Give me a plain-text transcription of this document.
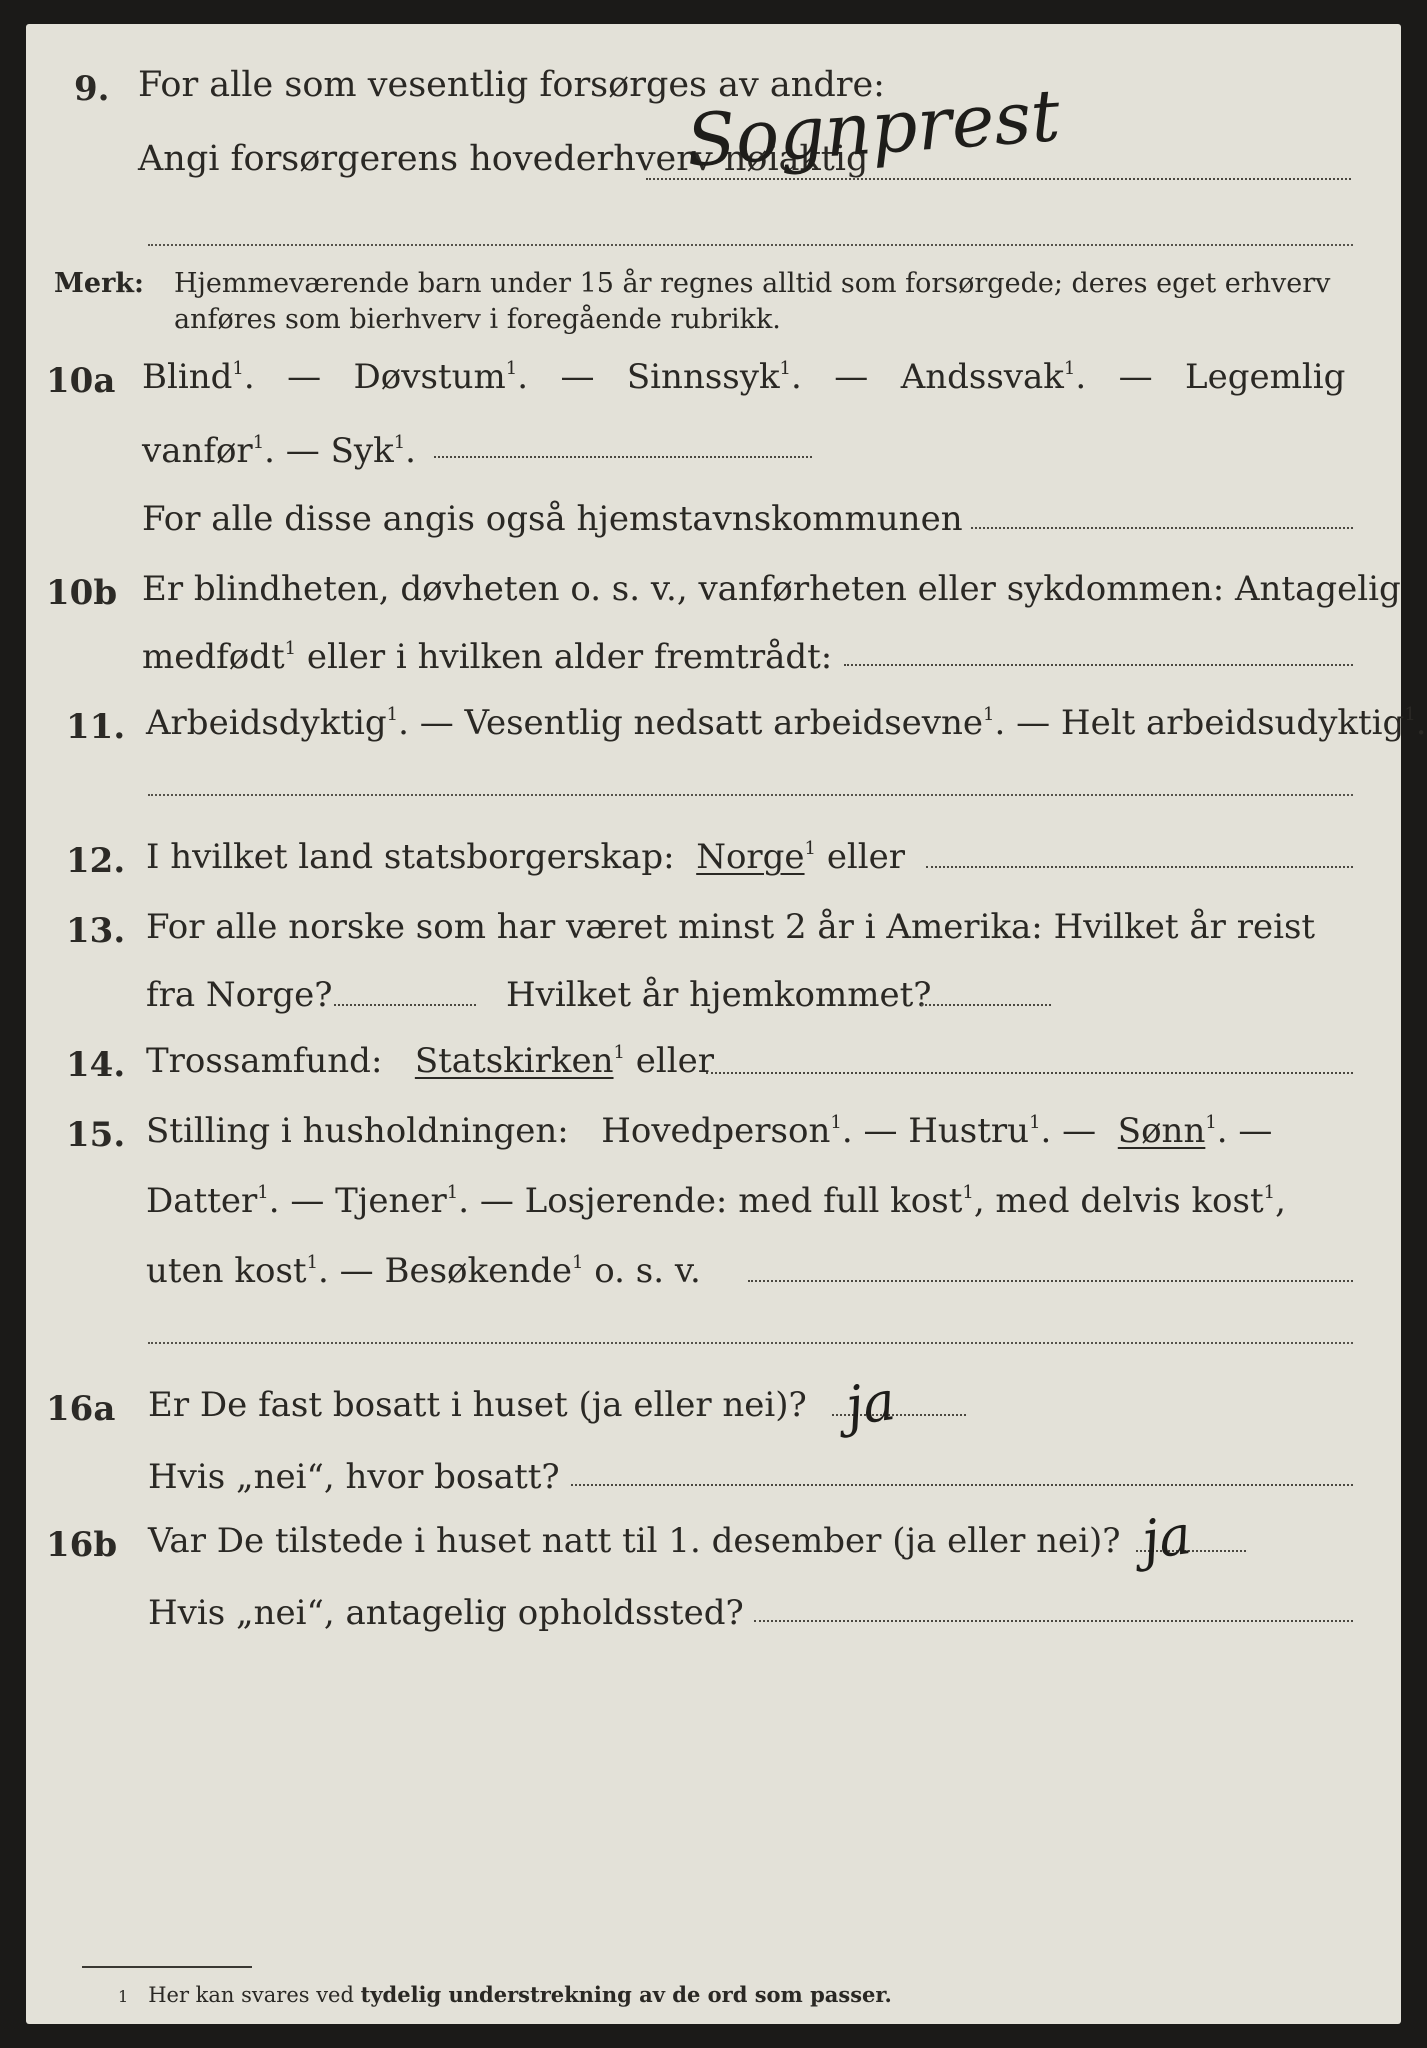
9. For alle som vesentlig forsørges av andre:
Angi forsørgerens hovederhverv nøiaktig
Sognprest
Merk: Hjemmeværende barn under 15 år regnes alltid som forsørgede; deres eget erhverv
anføres som bierhverv i foregående rubrikk.
10a Blind$^1$. — Døvstum$^1$. — Sinnssyk$^1$. — Andssvak$^1$. — Legemlig
vanfør$^1$. — Syk$^1$.
For alle disse angis også hjemstavnskommunen
10b Er blindheten, døvheten o. s. v., vanførheten eller sykdommen: Antagelig
medfødt$^1$ eller i hvilken alder fremtrådt:
11. Arbeidsdyktig$^1$. — Vesentlig nedsatt arbeidsevne$^1$. — Helt arbeidsudyktig$^1$.
12. I hvilket land statsborgerskap: Norge$^1$ eller
13. For alle norske som har været minst 2 år i Amerika: Hvilket år reist
fra Norge?	Hvilket år hjemkommet?
14. Trossamfund: Statskirken$^1$ eller
15. Stilling i husholdningen: Hovedperson$^1$. — Hustru$^1$. — Sønn$^1$. —
Datter$^1$. — Tjener$^1$. — Losjerende: med full kost$^1$, med delvis kost$^1$,
uten kost$^1$. — Besøkende$^1$ o. s. v.
16a Er De fast bosatt i huset (ja eller nei)? ja
Hvis „nei“, hvor bosatt?
16b Var De tilstede i huset natt til 1. desember (ja eller nei)? ja
Hvis „nei“, antagelig opholdssted?
1 Her kan svares ved tydelig understrekning av de ord som passer.
